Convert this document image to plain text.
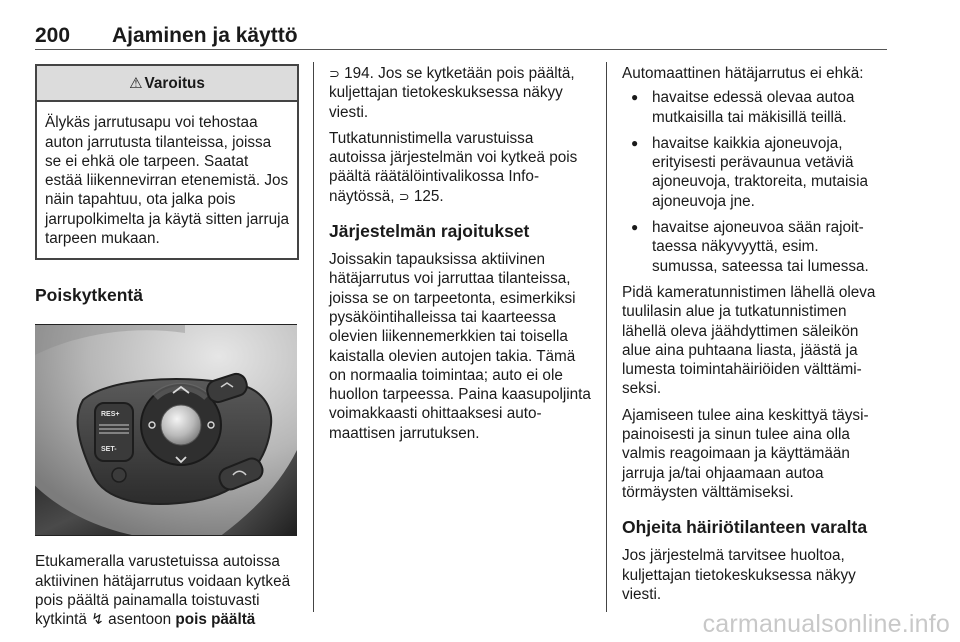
200 Ajaminen ja käyttö
⚠ Varoitus
Älykäs jarrutusapu voi tehostaa auton jarrutusta tilanteissa, joissa se ei ehkä ole tarpeen. Saatat estää liikennevirran etenemistä. Jos näin tapahtuu, ota jalka pois jarrupolkimelta ja käytä sitten jarruja tarpeen mukaan.
Poiskytkentä
RES+
SET-

Etukameralla varustetuissa autoissa aktiivinen hätäjarrutus voidaan kytkeä pois päältä painamalla toistuvasti kytkintä ↯ asentoon pois päältä

⊃ 194. Jos se kytketään pois päältä, kuljettajan tietokeskuksessa näkyy viesti.

Tutkatunnistimella varustuissa autoissa järjestelmän voi kytkeä pois päältä räätälöintivalikossa Infonäytössä, ⊃ 125.

Järjestelmän rajoitukset

Joissakin tapauksissa aktiivinen hätäjarrutus voi jarruttaa tilanteissa, joissa se on tarpeetonta, esimerkiksi pysäköintihalleissa tai kaarteessa olevien liikennemerkkien tai toisella kaistalla olevien autojen takia. Tämä on normaalia toimintaa; auto ei ole huollon tarpeessa. Paina kaasupoljinta voimakkaasti ohittaaksesi automaattisen jarrutuksen.

Automaattinen hätäjarrutus ei ehkä:

● havaitse edessä olevaa autoa mutkaisilla tai mäkisillä teillä.
● havaitse kaikkia ajoneuvoja, erityisesti perävaunua vetäviä ajoneuvoja, traktoreita, mutaisia ajoneuvoja jne.
● havaitse ajoneuvoa sään rajoittaessa näkyvyyttä, esim. sumussa, sateessa tai lumessa.

Pidä kameratunnistimen lähellä oleva tuulilasin alue ja tutkatunnistimen lähellä oleva jäähdyttimen säleikön alue aina puhtaana liasta, jäästä ja lumesta toimintahäiriöiden välttämiseksi.

Ajamiseen tulee aina keskittyä täysipainoisesti ja sinun tulee aina olla valmis reagoimaan ja käyttämään jarruja ja/tai ohjaamaan autoa törmäysten välttämiseksi.

Ohjeita häiriötilanteen varalta

Jos järjestelmä tarvitsee huoltoa, kuljettajan tietokeskuksessa näkyy viesti.

carmanualsonline.info
